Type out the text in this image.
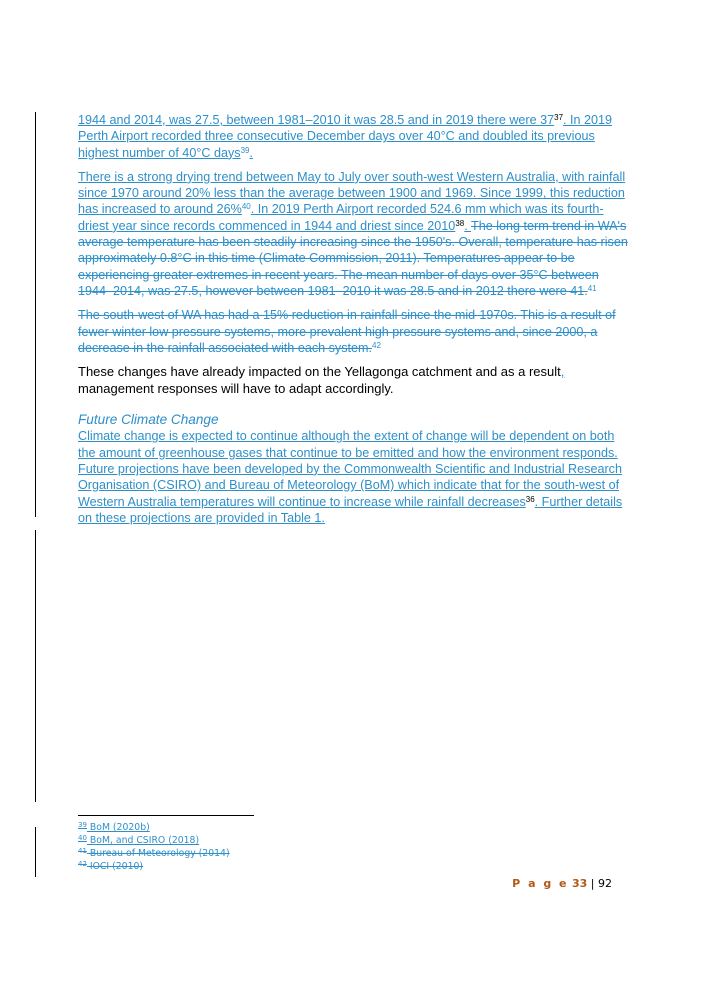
1944 and 2014, was 27.5, between 1981–2010 it was 28.5 and in 2019 there were $37^{37}$. In 2019 Perth Airport recorded three consecutive December days over 40°C and doubled its previous highest number of 40°C days$^{39}$.

There is a strong drying trend between May to July over south-west Western Australia, with rainfall since 1970 around 20% less than the average between 1900 and 1969. Since 1999, this reduction has increased to around 26%$^{40}$. In 2019 Perth Airport recorded 524.6 mm which was its fourth-driest year since records commenced in 1944 and driest since 2010$^{38}$. The long term trend in WA's average temperature has been steadily increasing since the 1950's. Overall, temperature has risen approximately 0.8°C in this time (Climate Commission, 2011). Temperatures appear to be experiencing greater extremes in recent years. The mean number of days over 35°C between 1944–2014, was 27.5, however between 1981–2010 it was 28.5 and in 2012 there were 41.41

The south-west of WA has had a 15% reduction in rainfall since the mid-1970s. This is a result of fewer winter low pressure systems, more prevalent high pressure systems and, since 2000, a decrease in the rainfall associated with each system.$^{42}$

These changes have already impacted on the Yellagonga catchment and as a result, management responses will have to adapt accordingly.

Future Climate Change

Climate change is expected to continue although the extent of change will be dependent on both the amount of greenhouse gases that continue to be emitted and how the environment responds. Future projections have been developed by the Commonwealth Scientific and Industrial Research Organisation (CSIRO) and Bureau of Meteorology (BoM) which indicate that for the south-west of Western Australia temperatures will continue to increase while rainfall decreases$^{36}$. Further details on these projections are provided in Table 1.

$^{39}$ BoM (2020b)
$^{40}$ BoM, and CSIRO (2018)
$^{41}$ Bureau of Meteorology (2014)
$^{42}$ IOCI (2010)
P a g e 33 | 92
